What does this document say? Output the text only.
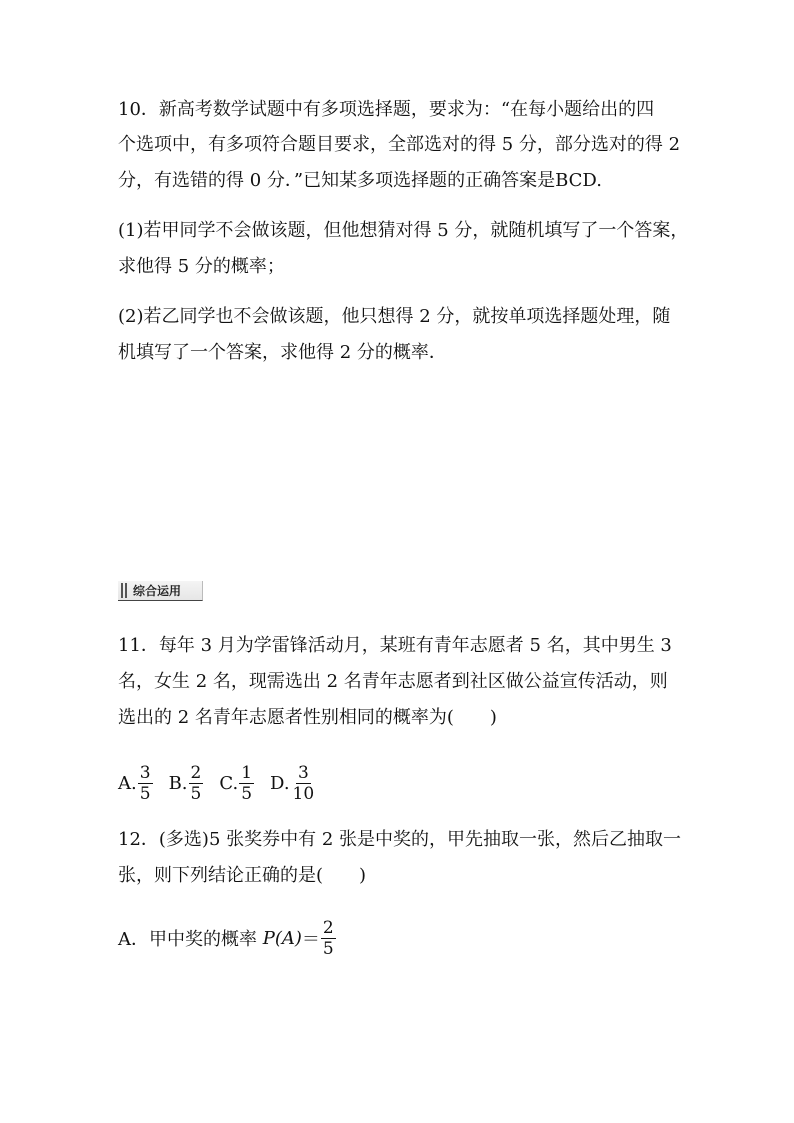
10．新高考数学试题中有多项选择题，要求为：“在每小题给出的四
个选项中，有多项符合题目要求，全部选对的得 5 分，部分选对的得 2
分，有选错的得 0 分．”已知某多项选择题的正确答案是BCD.
(1)若甲同学不会做该题，但他想猜对得 5 分，就随机填写了一个答案，
求他得 5 分的概率；
(2)若乙同学也不会做该题，他只想得 2 分，就按单项选择题处理，随
机填写了一个答案，求他得 2 分的概率．
综合运用
11．每年 3 月为学雷锋活动月，某班有青年志愿者 5 名，其中男生 3
名，女生 2 名，现需选出 2 名青年志愿者到社区做公益宣传活动，则
选出的 2 名青年志愿者性别相同的概率为(　　)
A. $\frac{3}{5} B$. $\frac{2}{5} C$. $\frac{1}{5} D$. $\frac{3}{10}$
12．(多选)5 张奖券中有 2 张是中奖的，甲先抽取一张，然后乙抽取一
张，则下列结论正确的是(　　)
A．甲中奖的概率 $P(A) = \frac{2}{5}$
